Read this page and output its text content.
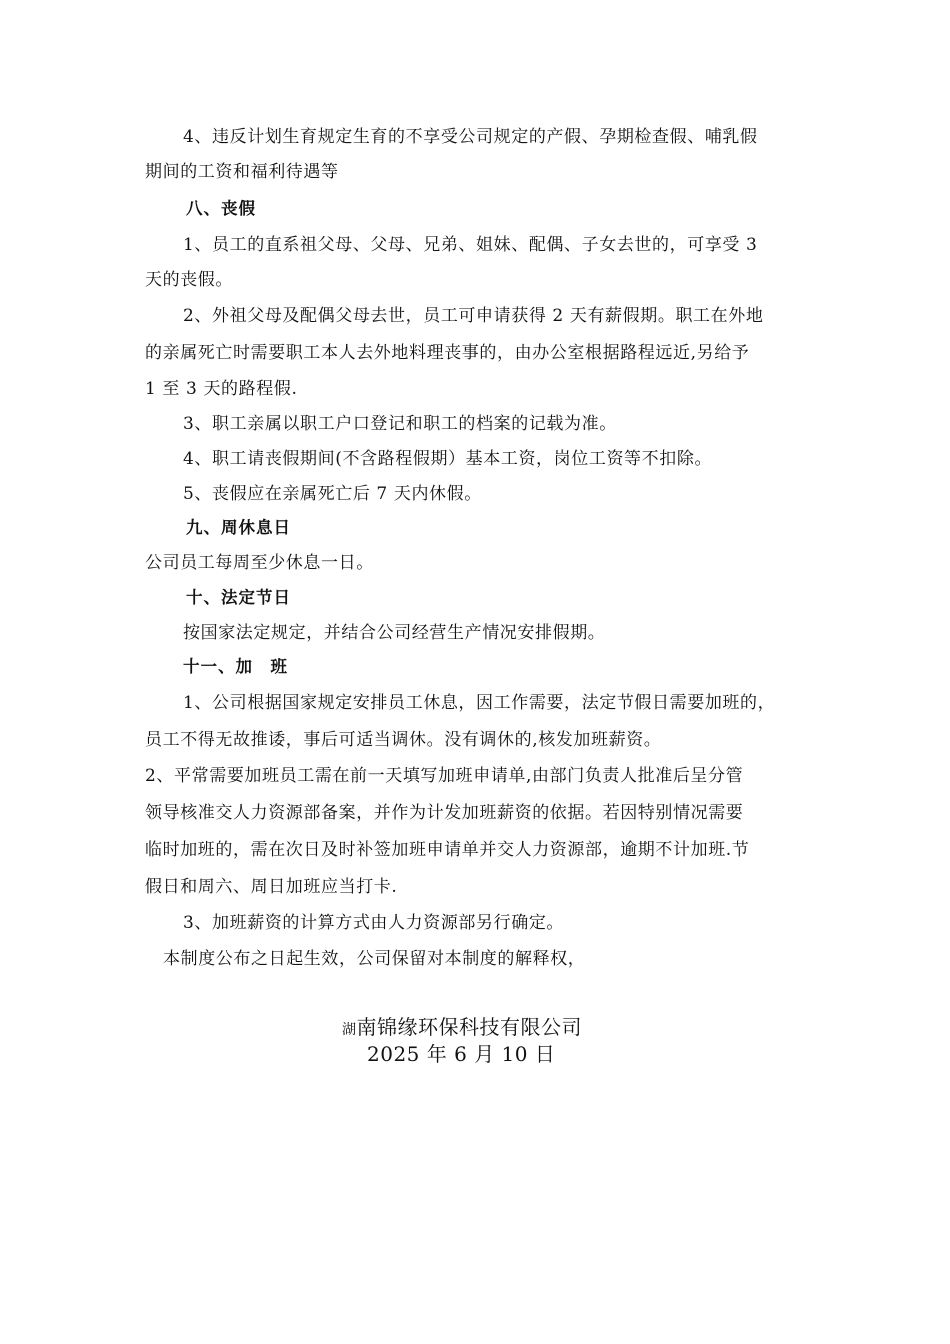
4、违反计划生育规定生育的不享受公司规定的产假、孕期检查假、哺乳假
期间的工资和福利待遇等
八、丧假
1、员工的直系祖父母、父母、兄弟、姐妹、配偶、子女去世的，可享受 3
天的丧假。
2、外祖父母及配偶父母去世，员工可申请获得 2 天有薪假期。职工在外地
的亲属死亡时需要职工本人去外地料理丧事的，由办公室根据路程远近,另给予
1 至 3 天的路程假.
3、职工亲属以职工户口登记和职工的档案的记载为准。
4、职工请丧假期间(不含路程假期）基本工资，岗位工资等不扣除。
5、丧假应在亲属死亡后 7 天内休假。
九、周休息日
公司员工每周至少休息一日。
十、法定节日
按国家法定规定，并结合公司经营生产情况安排假期。
十一、加　班
1、公司根据国家规定安排员工休息，因工作需要，法定节假日需要加班的，
员工不得无故推诿，事后可适当调休。没有调休的,核发加班薪资。
2、平常需要加班员工需在前一天填写加班申请单,由部门负责人批准后呈分管
领导核准交人力资源部备案，并作为计发加班薪资的依据。若因特别情况需要
临时加班的，需在次日及时补签加班申请单并交人力资源部，逾期不计加班.节
假日和周六、周日加班应当打卡.
3、加班薪资的计算方式由人力资源部另行确定。
本制度公布之日起生效，公司保留对本制度的解释权，
湖南锦缘环保科技有限公司
2025 年 6 月 10 日
